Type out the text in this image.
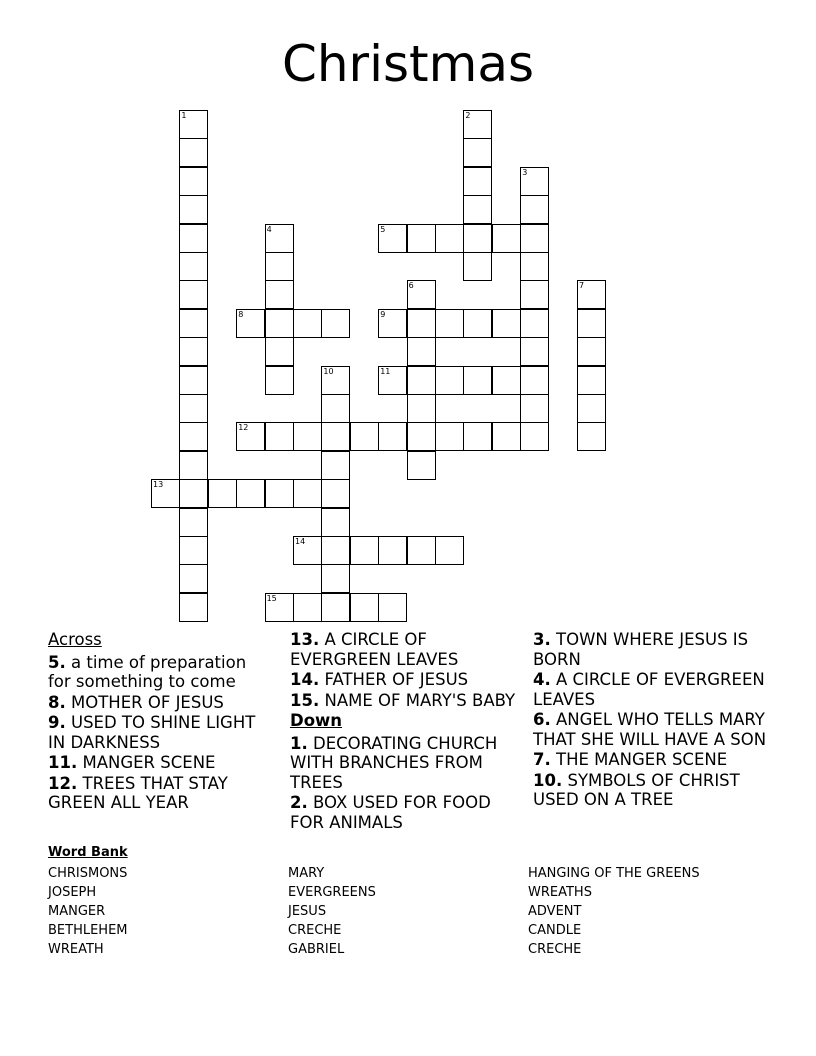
Christmas
1	2
3
4	5
6	7
8	9
10	11
12
13
14
15
Across
5. a time of preparation for something to come
8. MOTHER OF JESUS
9. USED TO SHINE LIGHT IN DARKNESS
11. MANGER SCENE
12. TREES THAT STAY GREEN ALL YEAR
13. A CIRCLE OF EVERGREEN LEAVES
14. FATHER OF JESUS
15. NAME OF MARY'S BABY
Down
1. DECORATING CHURCH WITH BRANCHES FROM TREES
2. BOX USED FOR FOOD FOR ANIMALS
3. TOWN WHERE JESUS IS BORN
4. A CIRCLE OF EVERGREEN LEAVES
6. ANGEL WHO TELLS MARY THAT SHE WILL HAVE A SON
7. THE MANGER SCENE
10. SYMBOLS OF CHRIST USED ON A TREE
Word Bank
CHRISMONS
JOSEPH
MANGER
BETHLEHEM
WREATH
MARY
EVERGREENS
JESUS
CRECHE
GABRIEL
HANGING OF THE GREENS
WREATHS
ADVENT
CANDLE
CRECHE
